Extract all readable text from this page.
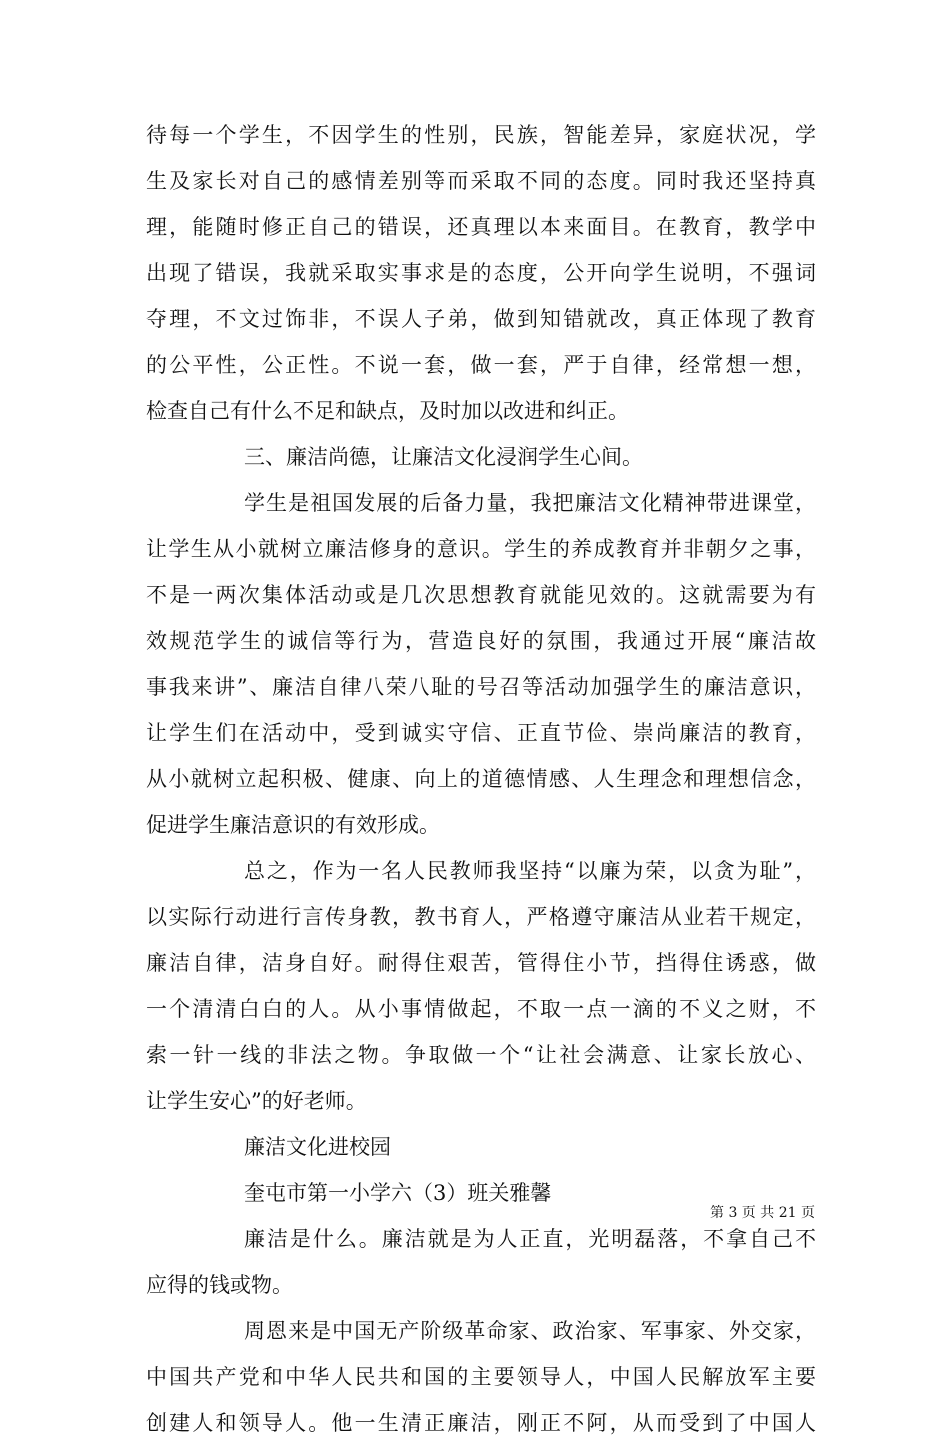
待每一个学生，不因学生的性别，民族，智能差异，家庭状况，学
生及家长对自己的感情差别等而采取不同的态度。同时我还坚持真
理，能随时修正自己的错误，还真理以本来面目。在教育，教学中
出现了错误，我就采取实事求是的态度，公开向学生说明，不强词
夺理，不文过饰非，不误人子弟，做到知错就改，真正体现了教育
的公平性，公正性。不说一套，做一套，严于自律，经常想一想，
检查自己有什么不足和缺点，及时加以改进和纠正。
三、廉洁尚德，让廉洁文化浸润学生心间。
学生是祖国发展的后备力量，我把廉洁文化精神带进课堂，
让学生从小就树立廉洁修身的意识。学生的养成教育并非朝夕之事，
不是一两次集体活动或是几次思想教育就能见效的。这就需要为有
效规范学生的诚信等行为，营造良好的氛围，我通过开展“廉洁故
事我来讲”、廉洁自律八荣八耻的号召等活动加强学生的廉洁意识，
让学生们在活动中，受到诚实守信、正直节俭、崇尚廉洁的教育，
从小就树立起积极、健康、向上的道德情感、人生理念和理想信念，
促进学生廉洁意识的有效形成。
总之，作为一名人民教师我坚持“以廉为荣，以贪为耻”，
以实际行动进行言传身教，教书育人，严格遵守廉洁从业若干规定，
廉洁自律，洁身自好。耐得住艰苦，管得住小节，挡得住诱惑，做
一个清清白白的人。从小事情做起，不取一点一滴的不义之财，不
索一针一线的非法之物。争取做一个“让社会满意、让家长放心、
让学生安心”的好老师。
廉洁文化进校园
奎屯市第一小学六（3）班关雅馨
廉洁是什么。廉洁就是为人正直，光明磊落，不拿自己不
应得的钱或物。
周恩来是中国无产阶级革命家、政治家、军事家、外交家，
中国共产党和中华人民共和国的主要领导人，中国人民解放军主要
创建人和领导人。他一生清正廉洁，刚正不阿，从而受到了中国人
第 3 页 共 21 页
